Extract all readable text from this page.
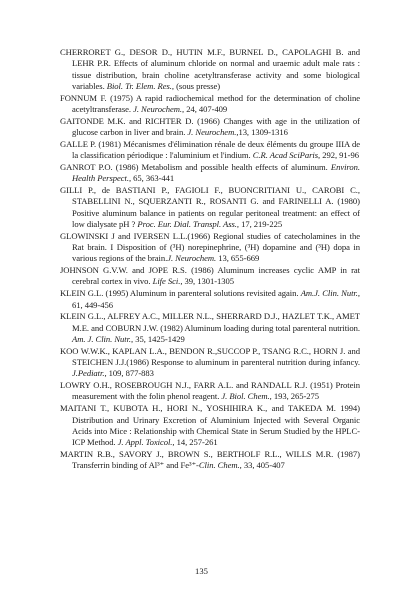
CHERRORET G., DESOR D., HUTIN M.F., BURNEL D., CAPOLAGHI B. and LEHR P.R. Effects of aluminum chloride on normal and uraemic adult male rats : tissue distribution, brain choline acetyltransferase activity and some biological variables. Biol. Tr. Elem. Res., (sous presse)

FONNUM F. (1975) A rapid radiochemical method for the determination of choline acetyltransferase. J. Neurochem., 24, 407-409

GAITONDE M.K. and RICHTER D. (1966) Changes with age in the utilization of glucose carbon in liver and brain. J. Neurochem.,13, 1309-1316

GALLE P. (1981) Mécanismes d'élimination rénale de deux éléments du groupe IIIA de la classification périodique : l'aluminium et l'indium. C.R. Acad SciParis, 292, 91-96

GANROT P.O. (1986) Metabolism and possible health effects of aluminum. Environ. Health Perspect., 65, 363-441

GILLI P., de BASTIANI P., FAGIOLI F., BUONCRITIANI U., CAROBI C., STABELLINI N., SQUERZANTI R., ROSANTI G. and FARINELLI A. (1980) Positive aluminum balance in patients on regular peritoneal treatment: an effect of low dialysate pH ? Proc. Eur. Dial. Transpl. Ass., 17, 219-225

GLOWINSKI J and IVERSEN L.L.(1966) Regional studies of catecholamines in the Rat brain. I Disposition of (³H) norepinephrine, (³H) dopamine and (³H) dopa in various regions of the brain.J. Neurochem. 13, 655-669

JOHNSON G.V.W. and JOPE R.S. (1986) Aluminum increases cyclic AMP in rat cerebral cortex in vivo. Life Sci., 39, 1301-1305

KLEIN G.L. (1995) Aluminum in parenteral solutions revisited again. Am.J. Clin. Nutr., 61, 449-456

KLEIN G.L., ALFREY A.C., MILLER N.L., SHERRARD D.J., HAZLET T.K., AMET M.E. and COBURN J.W. (1982) Aluminum loading during total parenteral nutrition. Am. J. Clin. Nutr., 35, 1425-1429

KOO W.W.K., KAPLAN L.A., BENDON R.,SUCCOP P., TSANG R.C., HORN J. and STEICHEN J.J.(1986) Response to aluminum in parenteral nutrition during infancy. J.Pediatr., 109, 877-883

LOWRY O.H., ROSEBROUGH N.J., FARR A.L. and RANDALL R.J. (1951) Protein measurement with the folin phenol reagent. J. Biol. Chem., 193, 265-275

MAITANI T., KUBOTA H., HORI N., YOSHIHIRA K., and TAKEDA M. 1994) Distribution and Urinary Excretion of Aluminium Injected with Several Organic Acids into Mice : Relationship with Chemical State in Serum Studied by the HPLC-ICP Method. J. Appl. Toxicol., 14, 257-261

MARTIN R.B., SAVORY J., BROWN S., BERTHOLF R.L., WILLS M.R. (1987) Transferrin binding of Al³⁺ and Fe³⁺-Clin. Chem., 33, 405-407

135
